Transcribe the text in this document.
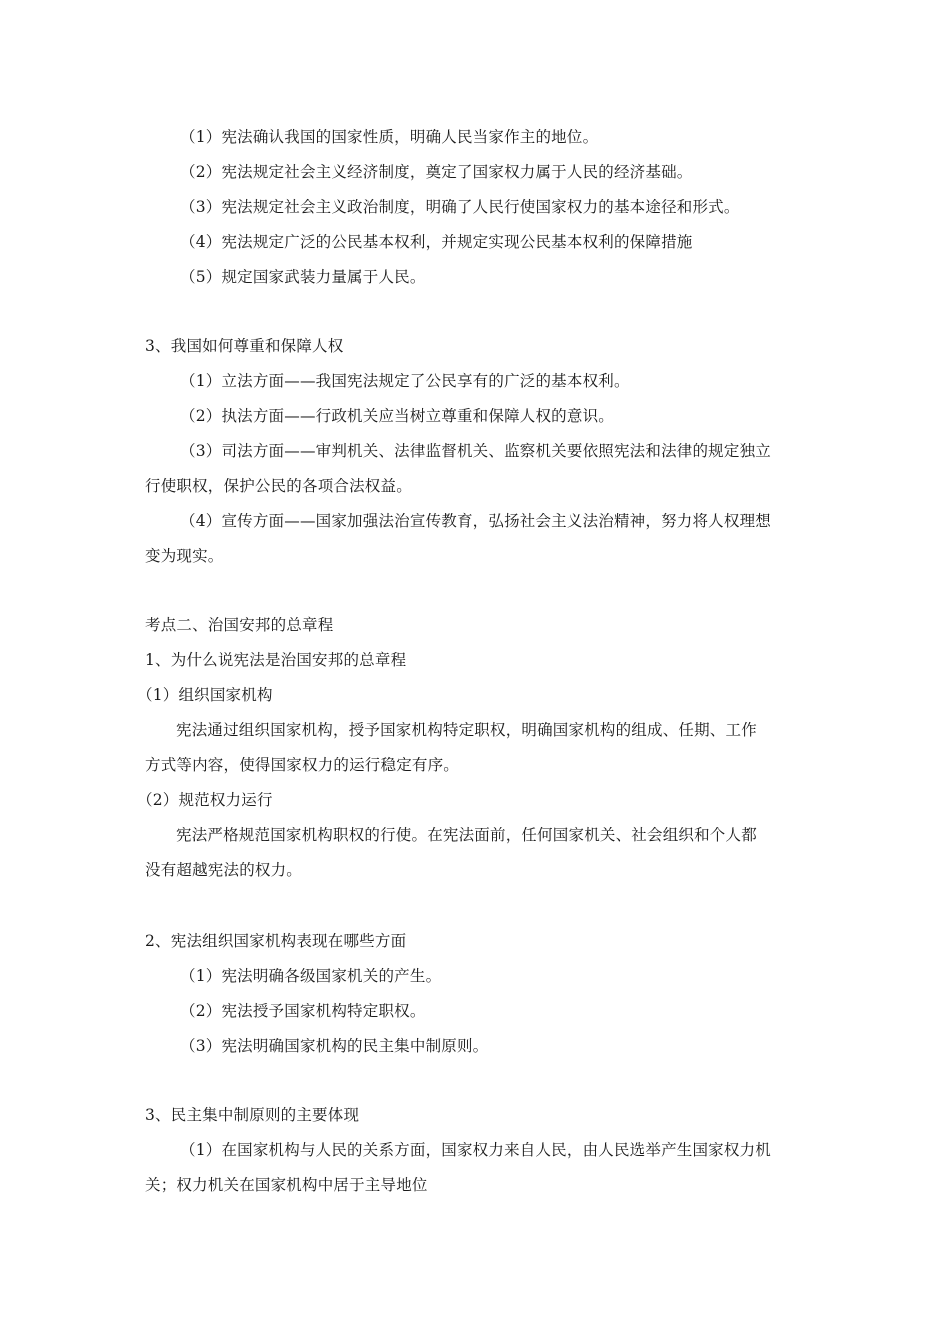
（1）宪法确认我国的国家性质，明确人民当家作主的地位。
（2）宪法规定社会主义经济制度，奠定了国家权力属于人民的经济基础。
（3）宪法规定社会主义政治制度，明确了人民行使国家权力的基本途径和形式。
（4）宪法规定广泛的公民基本权利，并规定实现公民基本权利的保障措施
（5）规定国家武装力量属于人民。
3、我国如何尊重和保障人权
（1）立法方面——我国宪法规定了公民享有的广泛的基本权利。
（2）执法方面——行政机关应当树立尊重和保障人权的意识。
（3）司法方面——审判机关、法律监督机关、监察机关要依照宪法和法律的规定独立
行使职权，保护公民的各项合法权益。
（4）宣传方面——国家加强法治宣传教育，弘扬社会主义法治精神，努力将人权理想
变为现实。
考点二、治国安邦的总章程
1、为什么说宪法是治国安邦的总章程
（1）组织国家机构
宪法通过组织国家机构，授予国家机构特定职权，明确国家机构的组成、任期、工作
方式等内容，使得国家权力的运行稳定有序。
（2）规范权力运行
宪法严格规范国家机构职权的行使。在宪法面前，任何国家机关、社会组织和个人都
没有超越宪法的权力。
2、宪法组织国家机构表现在哪些方面
（1）宪法明确各级国家机关的产生。
（2）宪法授予国家机构特定职权。
（3）宪法明确国家机构的民主集中制原则。
3、民主集中制原则的主要体现
（1）在国家机构与人民的关系方面，国家权力来自人民，由人民选举产生国家权力机
关；权力机关在国家机构中居于主导地位
